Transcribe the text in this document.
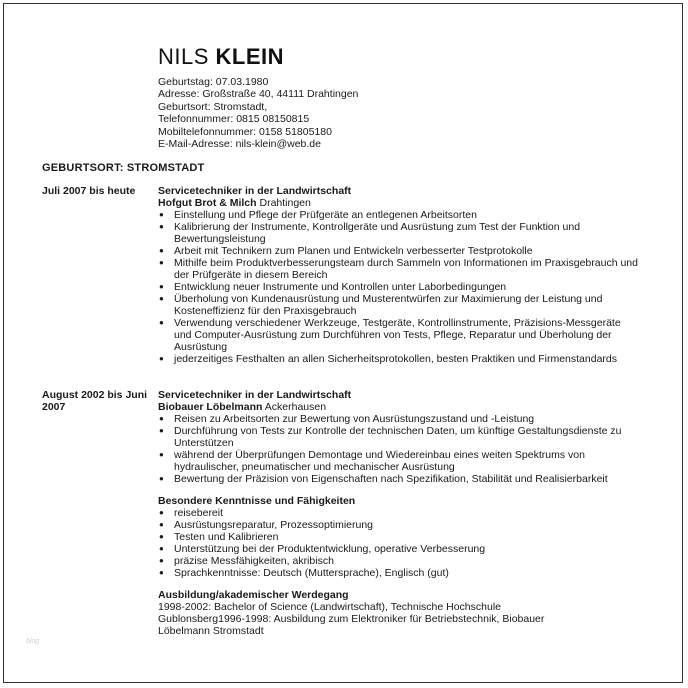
NILS KLEIN
Geburtstag: 07.03.1980
Adresse: Großstraße 40, 44111 Drahtingen
Geburtsort: Stromstadt,
Telefonnummer: 0815 08150815
Mobiltelefonnummer: 0158 51805180
E-Mail-Adresse: nils-klein@web.de
GEBURTSORT: STROMSTADT
Juli 2007 bis heute	Servicetechniker in der Landwirtschaft
Hofgut Brot & Milch Drahtingen
● Einstellung und Pflege der Prüfgeräte an entlegenen Arbeitsorten
● Kalibrierung der Instrumente, Kontrollgeräte und Ausrüstung zum Test der Funktion und Bewertungsleistung
● Arbeit mit Technikern zum Planen und Entwickeln verbesserter Testprotokolle
● Mithilfe beim Produktverbesserungsteam durch Sammeln von Informationen im Praxisgebrauch und der Prüfgeräte in diesem Bereich
● Entwicklung neuer Instrumente und Kontrollen unter Laborbedingungen
● Überholung von Kundenausrüstung und Musterentwürfen zur Maximierung der Leistung und Kosteneffizienz für den Praxisgebrauch
● Verwendung verschiedener Werkzeuge, Testgeräte, Kontrollinstrumente, Präzisions-Messgeräte und Computer-Ausrüstung zum Durchführen von Tests, Pflege, Reparatur und Überholung der Ausrüstung
● jederzeitiges Festhalten an allen Sicherheitsprotokollen, besten Praktiken und Firmenstandards
August 2002 bis Juni 2007
Servicetechniker in der Landwirtschaft
Biobauer Löbelmann Ackerhausen
● Reisen zu Arbeitsorten zur Bewertung von Ausrüstungszustand und -Leistung
● Durchführung von Tests zur Kontrolle der technischen Daten, um künftige Gestaltungsdienste zu Unterstützen
● während der Überprüfungen Demontage und Wiedereinbau eines weiten Spektrums von hydraulischer, pneumatischer und mechanischer Ausrüstung
● Bewertung der Präzision von Eigenschaften nach Spezifikation, Stabilität und Realisierbarkeit
Besondere Kenntnisse und Fähigkeiten
● reisebereit
● Ausrüstungsreparatur, Prozessoptimierung
● Testen und Kalibrieren
● Unterstützung bei der Produktentwicklung, operative Verbesserung
● präzise Messfähigkeiten, akribisch
● Sprachkenntnisse: Deutsch (Muttersprache), Englisch (gut)
Ausbildung/akademischer Werdegang
1998-2002: Bachelor of Science (Landwirtschaft), Technische Hochschule
Gublonsberg1996-1998: Ausbildung zum Elektroniker für Betriebstechnik, Biobauer
Löbelmann Stromstadt
blog
